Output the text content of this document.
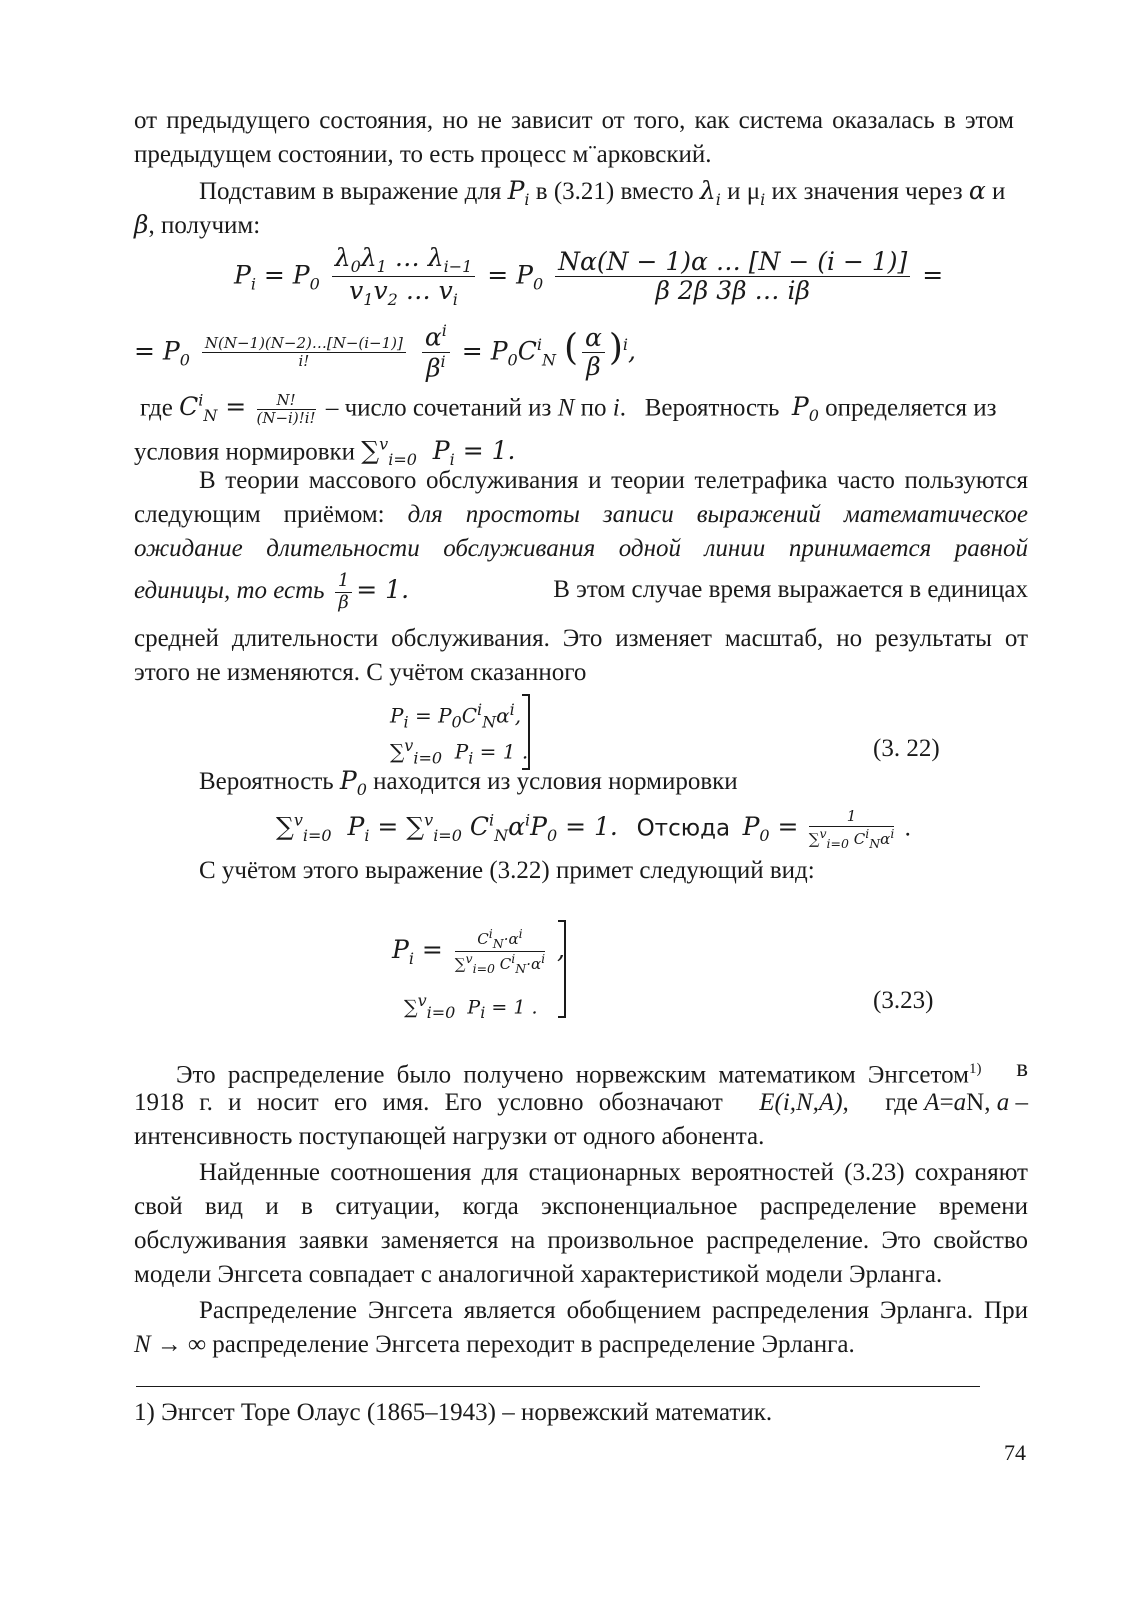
от предыдущего состояния, но не зависит от того, как система оказалась в этом
предыдущем состоянии, то есть процесс м¨арковский.
Подставим в выражение для $P_i$ в (3.21) вместо $\lambda_i$ и $\mu_i$ их значения через α и
β, получим:
$P_i = P_0 \frac{\lambda_0\lambda_1 \dots \lambda_{i-1}}{v_1v_2 \dots v_i} = P_0 \frac{N\alpha(N - 1)\alpha \dots [N - (i - 1)]}{\beta 2\beta 3\beta \dots i\beta}$ =
= $P_0 \frac{N(N-1)(N-2)\dots[N-(i-1)]}{i!}$
$\frac{\alpha^i}{\beta^i} = P_0C^i_N$ ( $\frac{\alpha}{\beta} )^i$,
где $C^i_N = \frac{N!}{(N-i)!i!}$ – число сочетаний из N по i.   Вероятность $P_0$ определяется из
условия нормировки ∑$^v_{i=0}$  $P_i = 1$.
В теории массового обслуживания и теории телетрафика часто пользуются
следующим приёмом: для простоты записи выражений математическое
ожидание длительности обслуживания одной линии принимается равной
единицы, то есть $\frac{1}{\beta} = 1$.	В этом случае время выражается в единицах
средней длительности обслуживания. Это изменяет масштаб, но результаты от
этого не изменяются. С учётом сказанного
$P_i = P_0C^i_N\alpha^i$,
∑$^v_{i=0}$  $P_i = 1$ .	(3. 22)
Вероятность $P_0$ находится из условия нормировки
∑$^v_{i=0}$  $P_i = \sum^v_{i=0}$ $C^i_N\alpha^iP_0 = 1$. Отсюда $P_0 = \frac{1}{\sum^v_{i=0} C^i_N\alpha^i}$ .
С учётом этого выражение (3.22) примет следующий вид:
$P_i = \frac{C^i_N\cdot\alpha^i}{\sum^v_{i=0} C^i_N\cdot\alpha^i}$ ,
∑$^v_{i=0}$  $P_i = 1$ .	(3.23)
Это распределение было получено норвежским математиком Энгсетом$^{1)}$ в
1918 г. и носит его имя. Его условно обозначают E(i,N,A), где A=aN, a –
интенсивность поступающей нагрузки от одного абонента.
Найденные соотношения для стационарных вероятностей (3.23) сохраняют
свой вид и в ситуации, когда экспоненциальное распределение времени
обслуживания заявки заменяется на произвольное распределение. Это свойство
модели Энгсета совпадает с аналогичной характеристикой модели Эрланга.
Распределение Энгсета является обобщением распределения Эрланга. При
N → ∞ распределение Энгсета переходит в распределение Эрланга.
1) Энгсет Торе Олаус (1865–1943) – норвежский математик.
74
